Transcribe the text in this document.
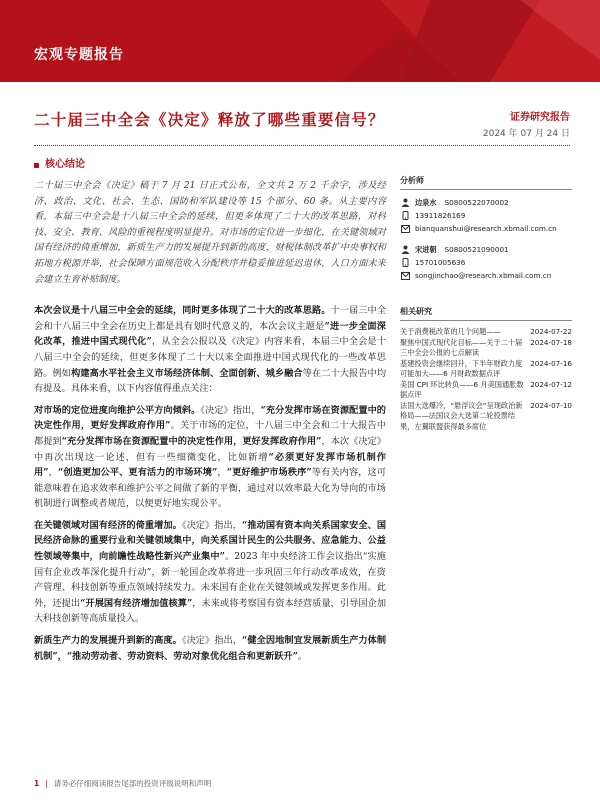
宏观专题报告
二十届三中全会《决定》释放了哪些重要信号？	证券研究报告
2024 年 07 月 24 日
核心结论

二十届三中全会《决定》稿于 7 月 21 日正式公布，全文共 2 万 2 千余字，涉及经济、政治、文化、社会、生态、国防和军队建设等 15 个部分、60 条。从主要内容看，本届三中全会是十八届三中全会的延续，但更多体现了二十大的改革思路，对科技、安全、教育、风险的重视程度明显提升。对市场的定位进一步细化，在关键领域对国有经济的倚重增加，新质生产力的发展提升到新的高度，财税体制改革扩中央事权和拓地方税源并举，社会保障方面规范收入分配秩序并稳妥推进延迟退休，人口方面未来会建立生育补贴制度。

本次会议是十八届三中全会的延续，同时更多体现了二十大的改革思路。十一届三中全会和十八届三中全会在历史上都是具有划时代意义的，本次会议主题是“进一步全面深化改革，推进中国式现代化”，从全会公报以及《决定》内容来看，本届三中全会是十八届三中全会的延续，但更多体现了二十大以来全面推进中国式现代化的一些改革思路。例如构建高水平社会主义市场经济体制、全面创新、城乡融合等在二十大报告中均有提及。具体来看，以下内容值得重点关注：

对市场的定位进度向维护公平方向倾斜。《决定》指出，“充分发挥市场在资源配置中的决定性作用，更好发挥政府作用”。关于市场的定位，十八届三中全会和二十大报告中都提到“充分发挥市场在资源配置中的决定性作用，更好发挥政府作用”，本次《决定》中再次出现这一论述，但有一些细微变化，比如新增“必须更好发挥市场机制作用”，“创造更加公平、更有活力的市场环境”，“更好维护市场秩序”等有关内容，这可能意味着在追求效率和维护公平之间做了新的平衡，通过对以效率最大化为导向的市场机制进行调整或者规范，以便更好地实现公平。

在关键领域对国有经济的倚重增加。《决定》指出，“推动国有资本向关系国家安全、国民经济命脉的重要行业和关键领域集中，向关系国计民生的公共服务、应急能力、公益性领域等集中，向前瞻性战略性新兴产业集中”。2023 年中央经济工作会议指出“实施国有企业改革深化提升行动”，新一轮国企改革将进一步巩固三年行动改革成效，在资产管理、科技创新等重点领域持续发力。未来国有企业在关键领域或发挥更多作用。此外，还提出“开展国有经济增加值核算”，未来或将考察国有资本经营质量，引导国企加大科技创新等高质量投入。

新质生产力的发展提升到新的高度。《决定》指出，“健全因地制宜发展新质生产力体制机制”，“推动劳动者、劳动资料、劳动对象优化组合和更新跃升”。

分析师
边泉水 S0800522070002
13911826169
bianquanshui@research.xbmail.com.cn
宋进朝 S0800521090001
15701005636
songjinchao@research.xbmail.com.cn
相关研究
关于消费税改革的几个问题——	2024-07-22
聚焦中国式现代化目标——关于二十届三中全会公报的七点解读
2024-07-18
基建投资会继续回升，下半年财政力度可能加大——6 月财政数据点评
2024-07-16
美国 CPI 环比转负——6 月美国通胀数据点评
2024-07-12
法国大选爆冷，“悬浮议会”呈现政治新格局——法国议会大选第二轮投票结果，左翼联盟获得最多席位
2024-07-10
1 | 请务必仔细阅读报告尾部的投资评级说明和声明
